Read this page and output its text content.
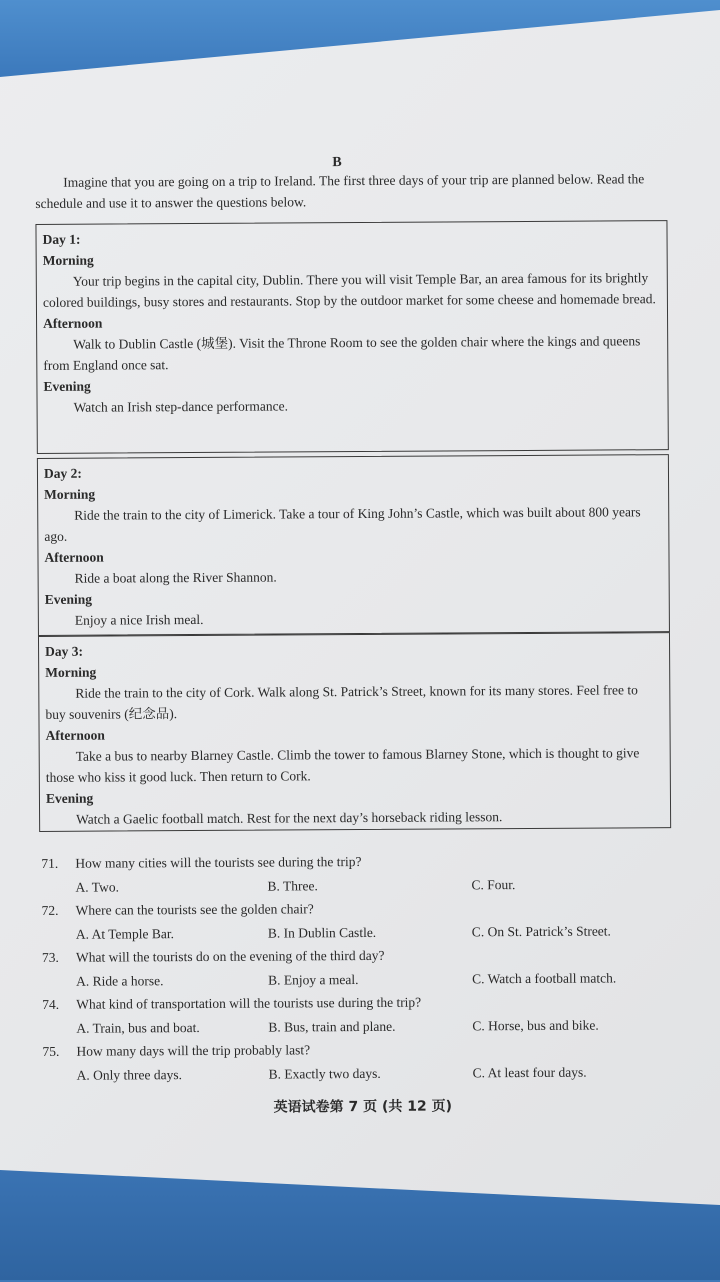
B
Imagine that you are going on a trip to Ireland. The first three days of your trip are planned below. Read the schedule and use it to answer the questions below.
Day 1:
Morning
Your trip begins in the capital city, Dublin. There you will visit Temple Bar, an area famous for its brightly colored buildings, busy stores and restaurants. Stop by the outdoor market for some cheese and homemade bread.
Afternoon
Walk to Dublin Castle (城堡). Visit the Throne Room to see the golden chair where the kings and queens from England once sat.
Evening
Watch an Irish step-dance performance.
Day 2:
Morning
Ride the train to the city of Limerick. Take a tour of King John’s Castle, which was built about 800 years ago.
Afternoon
Ride a boat along the River Shannon.
Evening
Enjoy a nice Irish meal.
Day 3:
Morning
Ride the train to the city of Cork. Walk along St. Patrick’s Street, known for its many stores. Feel free to buy souvenirs (纪念品).
Afternoon
Take a bus to nearby Blarney Castle. Climb the tower to famous Blarney Stone, which is thought to give those who kiss it good luck. Then return to Cork.
Evening
Watch a Gaelic football match. Rest for the next day’s horseback riding lesson.
71.	How many cities will the tourists see during the trip?
A. Two.	B. Three.	C. Four.
72.	Where can the tourists see the golden chair?
A. At Temple Bar.	B. In Dublin Castle.	C. On St. Patrick’s Street.
73.	What will the tourists do on the evening of the third day?
A. Ride a horse.	B. Enjoy a meal.	C. Watch a football match.
74.	What kind of transportation will the tourists use during the trip?
A. Train, bus and boat.	B. Bus, train and plane.	C. Horse, bus and bike.
75.	How many days will the trip probably last?
A. Only three days.	B. Exactly two days.	C. At least four days.
英语试卷第 7 页 (共 12 页)
